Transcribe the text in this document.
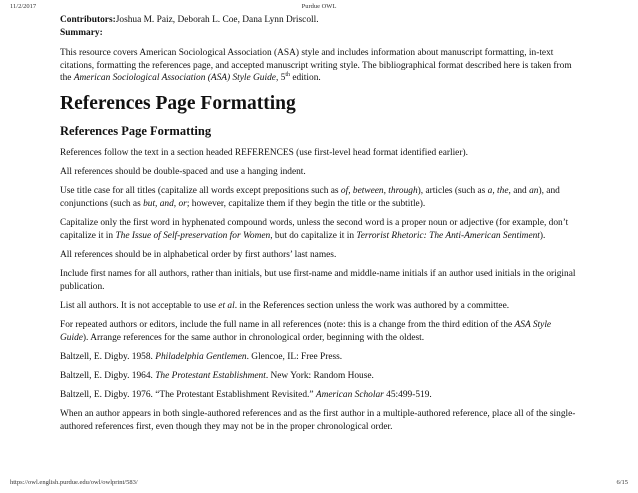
11/2/2017	Purdue OWL
Contributors:Joshua M. Paiz, Deborah L. Coe, Dana Lynn Driscoll.
Summary:

This resource covers American Sociological Association (ASA) style and includes information about manuscript formatting, in-text citations, formatting the references page, and accepted manuscript writing style. The bibliographical format described here is taken from the American Sociological Association (ASA) Style Guide, 5th edition.

References Page Formatting
References Page Formatting

References follow the text in a section headed REFERENCES (use first-level head format identified earlier).

All references should be double-spaced and use a hanging indent.

Use title case for all titles (capitalize all words except prepositions such as of, between, through), articles (such as a, the, and an), and conjunctions (such as but, and, or; however, capitalize them if they begin the title or the subtitle).

Capitalize only the first word in hyphenated compound words, unless the second word is a proper noun or adjective (for example, don’t capitalize it in The Issue of Self-preservation for Women, but do capitalize it in Terrorist Rhetoric: The Anti-American Sentiment).

All references should be in alphabetical order by first authors’ last names.

Include first names for all authors, rather than initials, but use first-name and middle-name initials if an author used initials in the original publication.

List all authors. It is not acceptable to use et al. in the References section unless the work was authored by a committee.

For repeated authors or editors, include the full name in all references (note: this is a change from the third edition of the ASA Style Guide). Arrange references for the same author in chronological order, beginning with the oldest.

Baltzell, E. Digby. 1958. Philadelphia Gentlemen. Glencoe, IL: Free Press.

Baltzell, E. Digby. 1964. The Protestant Establishment. New York: Random House.

Baltzell, E. Digby. 1976. “The Protestant Establishment Revisited.” American Scholar 45:499-519.

When an author appears in both single-authored references and as the first author in a multiple-authored reference, place all of the single-authored references first, even though they may not be in the proper chronological order.

https://owl.english.purdue.edu/owl/owlprint/583/	6/15
